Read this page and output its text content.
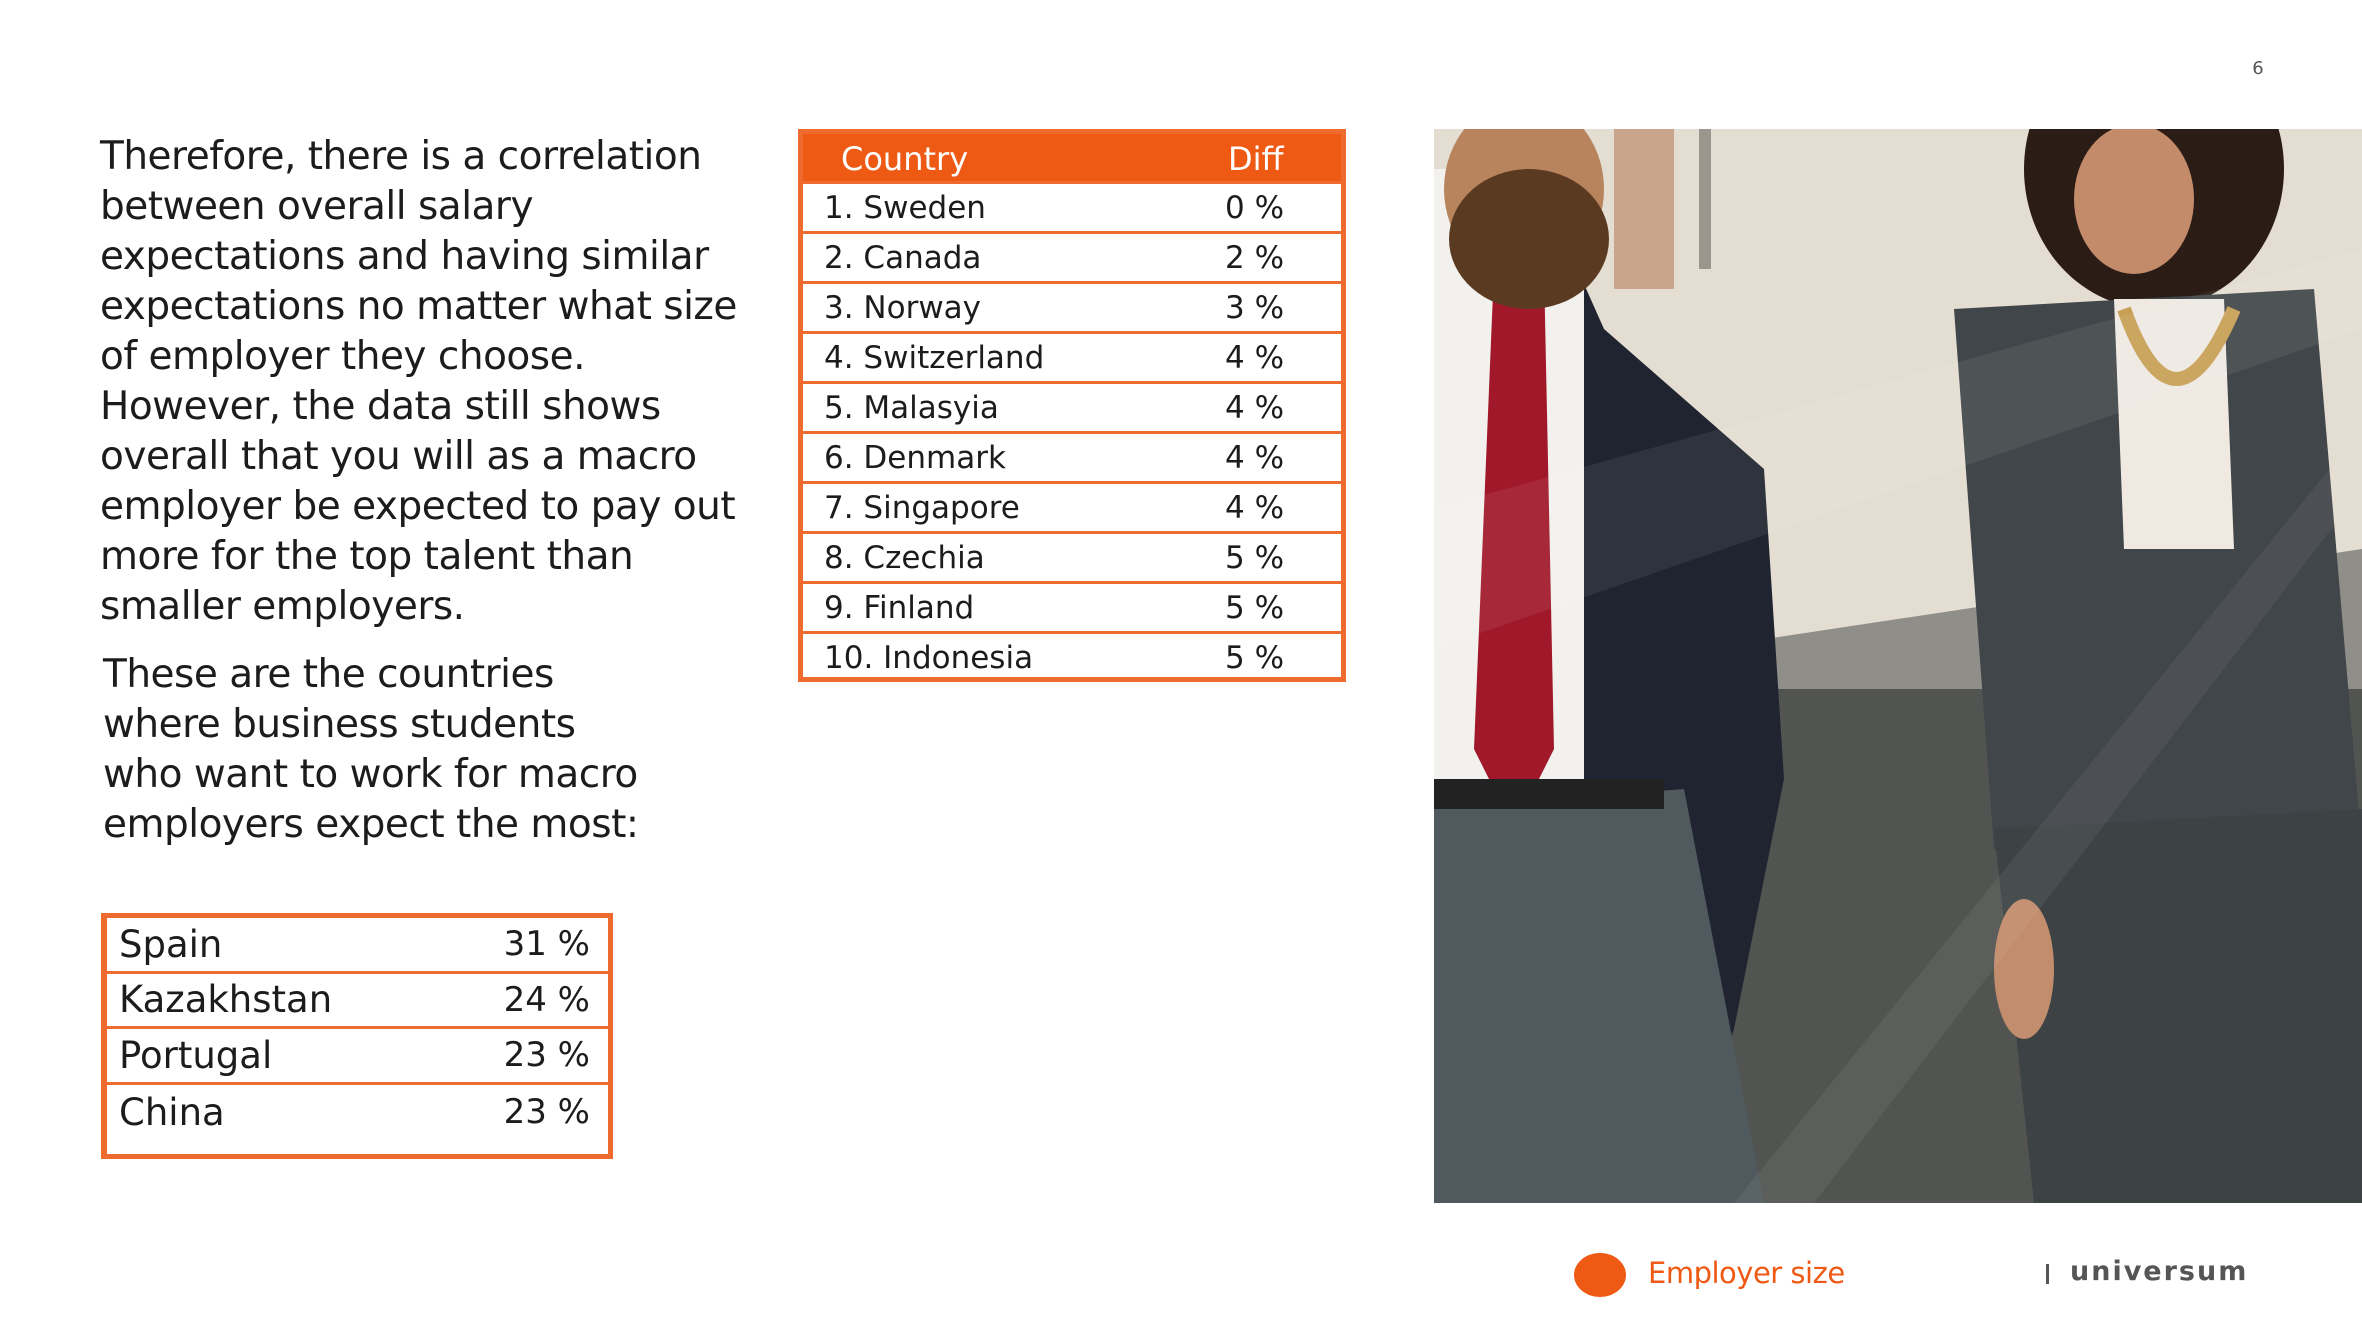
6
Therefore, there is a correlation between overall salary expectations and having similar expectations no matter what size of employer they choose. However, the data still shows overall that you will as a macro employer be expected to pay out more for the top talent than smaller employers.
These are the countries where business students who want to work for macro employers expect the most:
Spain	31 %
Kazakhstan	24 %
Portugal	23 %
China	23 %
Country	Diff
1. Sweden	0 %
2. Canada	2 %
3. Norway	3 %
4. Switzerland	4 %
5. Malasyia	4 %
6. Denmark	4 %
7. Singapore	4 %
8. Czechia	5 %
9. Finland	5 %
10. Indonesia	5 %
Employer size	universum
